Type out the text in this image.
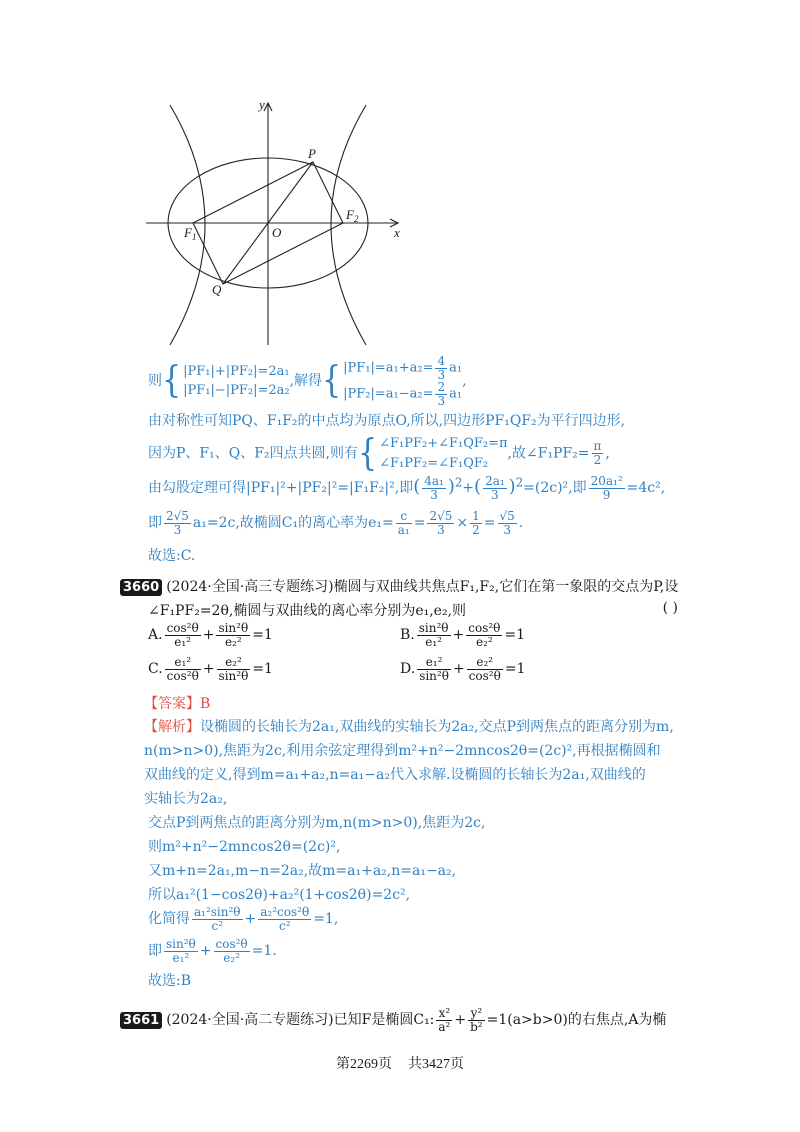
y
x
P
Q
O
$F_1$
$F_2$
则{ |PF₁|+|PF₂|=2a₁
|PF₁|−|PF₂|=2a₂
,解得{ $|PF_1|=a_1+a_2= \frac{4}{3} a_1$
$|PF_2|=a_1-a_2= \frac{2}{3} a_1$
,
由对称性可知PQ、F₁F₂的中点均为原点O,所以,四边形PF₁QF₂为平行四边形,
因为P、F₁、Q、F₂四点共圆,则有{ ∠F₁PF₂+∠F₁QF₂=π
∠F₁PF₂=∠F₁QF₂
,故∠F₁PF₂= $\frac{\pi}{2}$ ,
由勾股定理可得|PF₁|²+|PF₂|²=|F₁F₂|²,即( $\frac{\text{4a₁}}{3} )^2+( \frac{\text{2a₁}}{3} )^2=(2c)^2$,即 $\frac{\text{20a₁²}}{9} =4c^2$,
即 $\frac{2√5}{3} a_1=2c$,故椭圆C₁的离心率为$e_1= \frac{c}{\text{a₁}} = \frac{2√5}{3} \times \frac{1}{2} = \frac{√5}{3}$ .
故选:C.
3660 (2024·全国·高三专题练习)椭圆与双曲线共焦点F₁,F₂,它们在第一象限的交点为P,设
∠F₁PF₂=2θ,椭圆与双曲线的离心率分别为e₁,e₂,则	( )
A. $\frac{\text{cos²θ}}{\text{e₁²}} + \frac{\text{sin²θ}}{\text{e₂²}} =1$	B. $\frac{\text{sin²θ}}{\text{e₁²}} + \frac{\text{cos²θ}}{\text{e₂²}} =1$
C. $\frac{\text{e₁²}}{\text{cos²θ}} + \frac{\text{e₂²}}{\text{sin²θ}} =1$	D. $\frac{\text{e₁²}}{\text{sin²θ}} + \frac{\text{e₂²}}{\text{cos²θ}} =1$
【答案】B
【解析】设椭圆的长轴长为2a₁,双曲线的实轴长为2a₂,交点P到两焦点的距离分别为m,
n(m>n>0),焦距为2c,利用余弦定理得到m²+n²−2mncos2θ=(2c)²,再根据椭圆和
双曲线的定义,得到m=a₁+a₂,n=a₁−a₂代入求解.设椭圆的长轴长为2a₁,双曲线的
实轴长为2a₂,
交点P到两焦点的距离分别为m,n(m>n>0),焦距为2c,
则m²+n²−2mncos2θ=(2c)²,
又m+n=2a₁,m−n=2a₂,故m=a₁+a₂,n=a₁−a₂,
所以a₁²(1−cos2θ)+a₂²(1+cos2θ)=2c²,
化简得 $\frac{\text{a₁²sin²θ}}{\text{c²}} + \frac{\text{a₂²cos²θ}}{\text{c²}} =1$,
即 $\frac{\text{sin²θ}}{\text{e₁²}} + \frac{\text{cos²θ}}{\text{e₂²}} =1$.
故选:B
3661 (2024·全国·高二专题练习)已知F是椭圆C₁: $\frac{\text{x²}}{\text{a²}} + \frac{\text{y²}}{\text{b²}} =1(a>b>0)$的右焦点,A为椭
第2269页 共3427页
